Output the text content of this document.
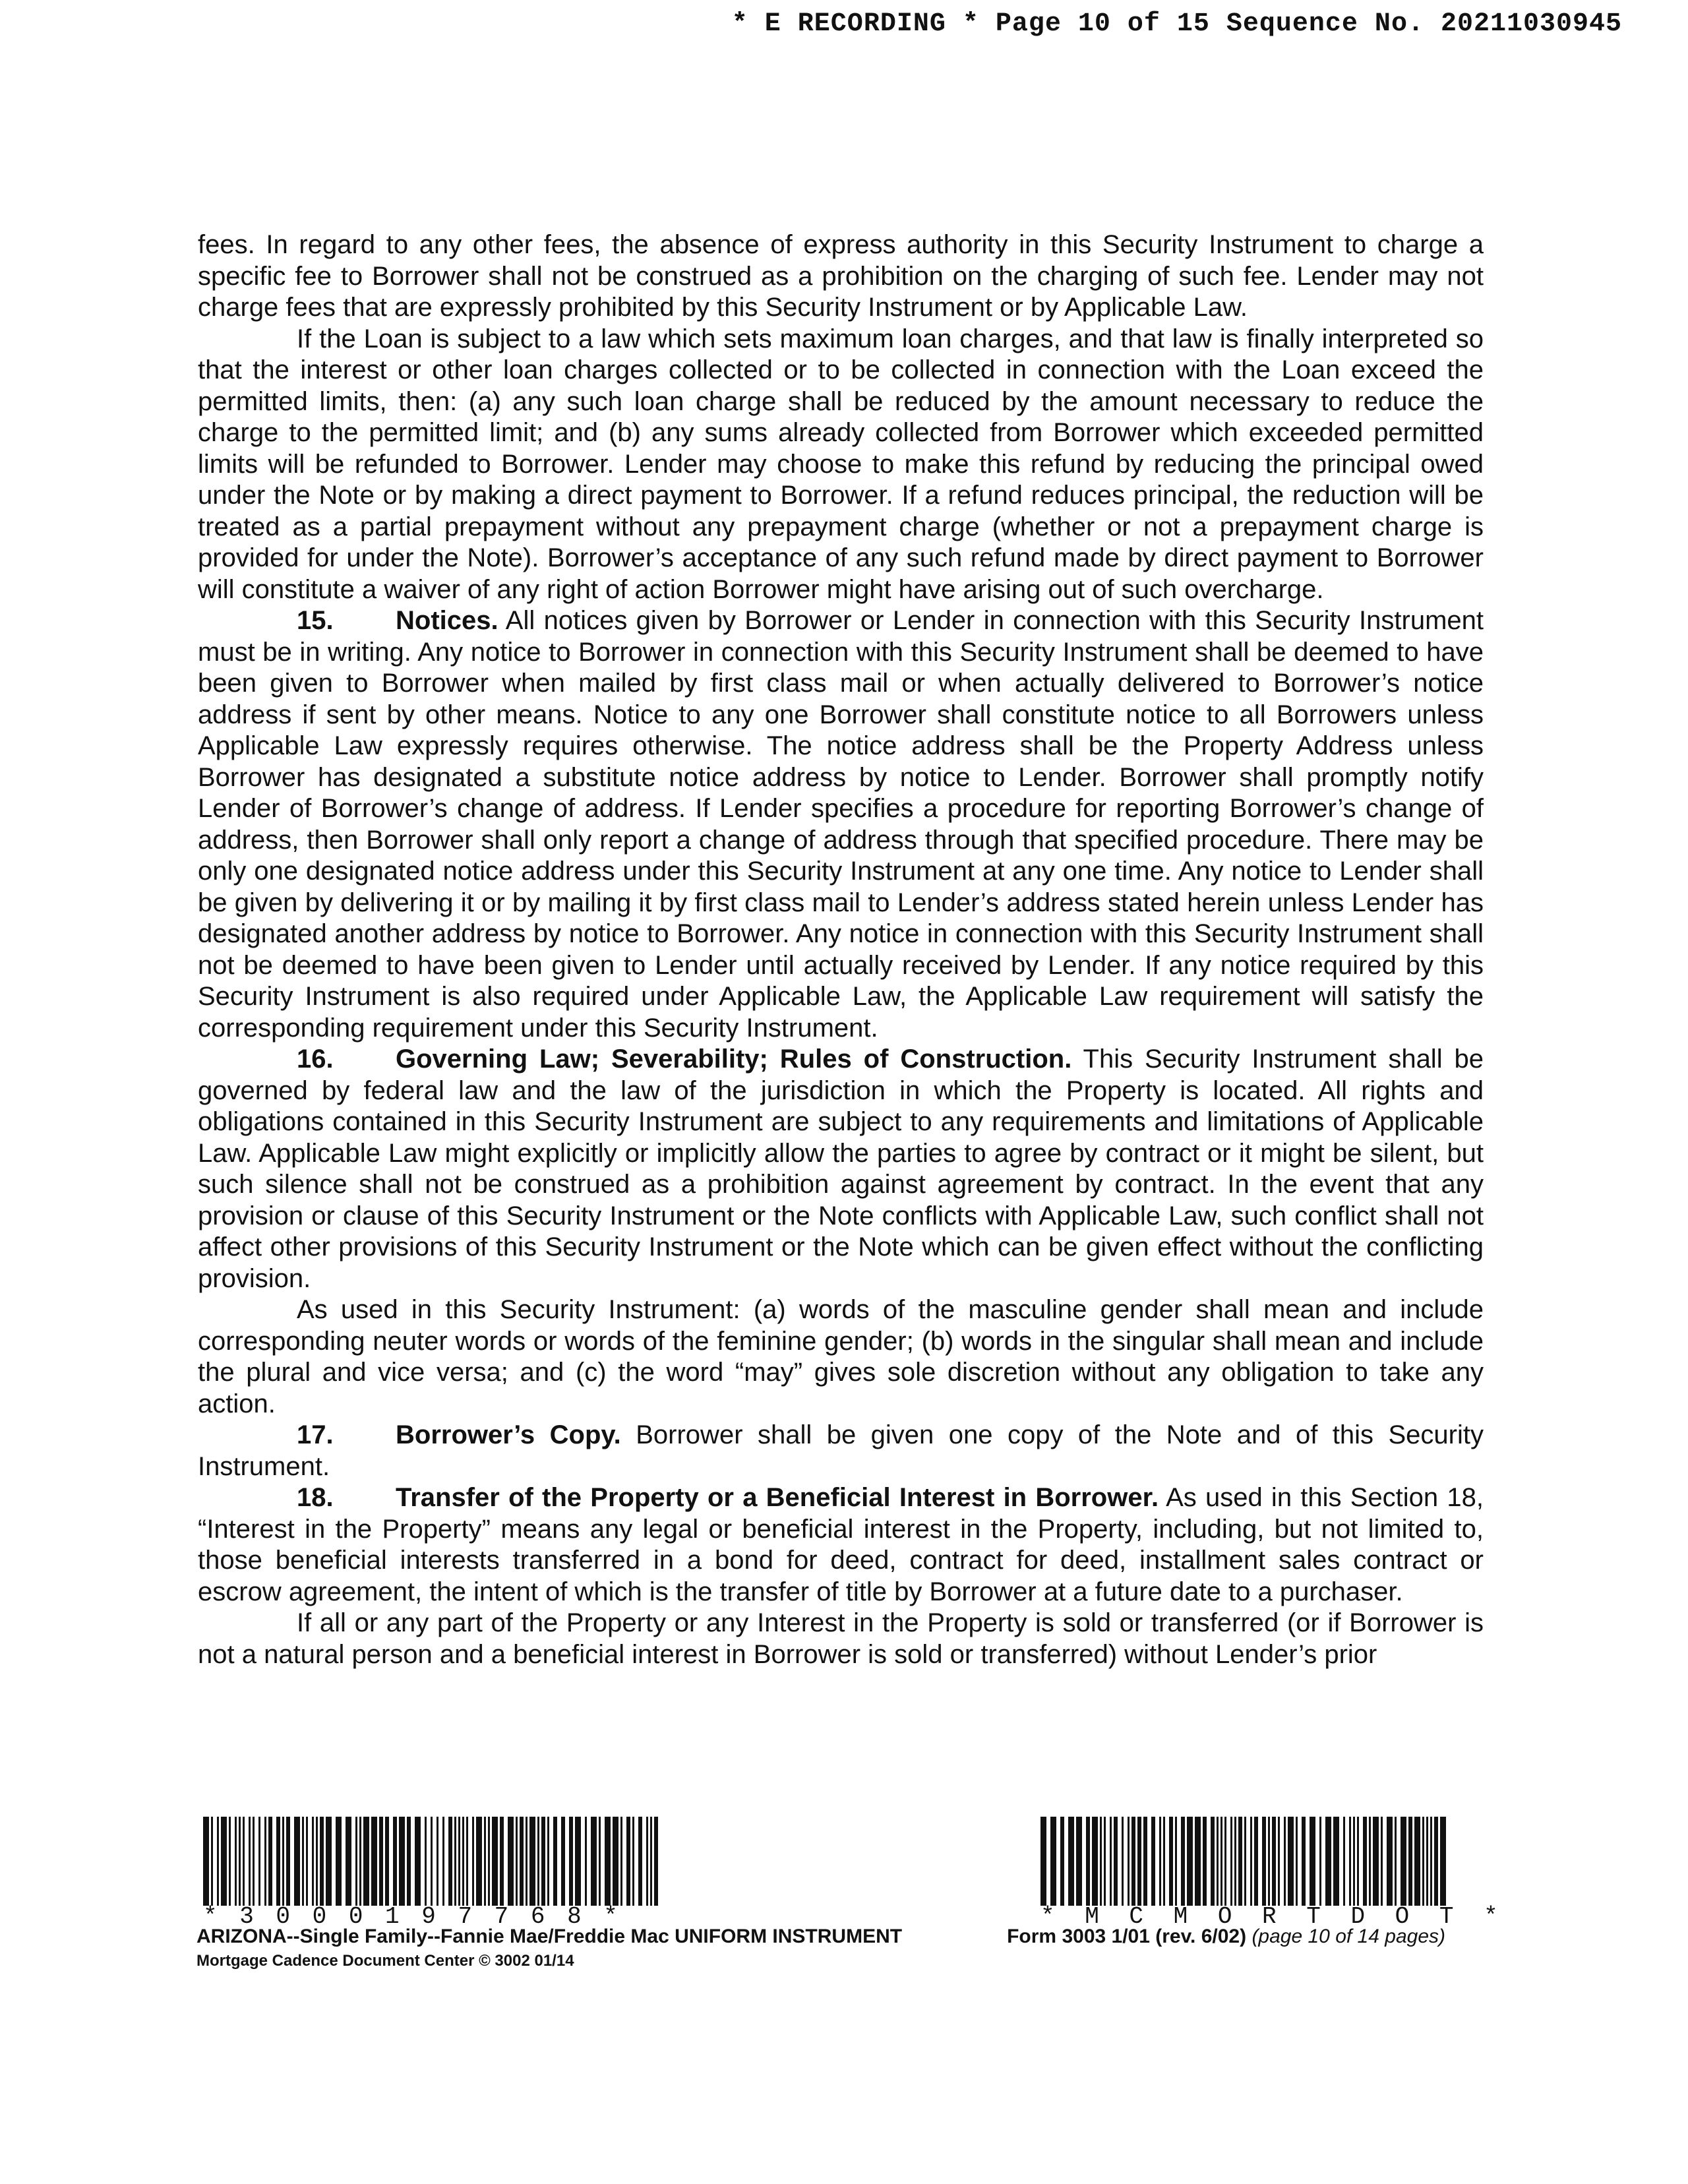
* E RECORDING * Page 10 of 15 Sequence No. 20211030945

fees. In regard to any other fees, the absence of express authority in this Security Instrument to charge a specific fee to Borrower shall not be construed as a prohibition on the charging of such fee. Lender may not charge fees that are expressly prohibited by this Security Instrument or by Applicable Law.

If the Loan is subject to a law which sets maximum loan charges, and that law is finally interpreted so that the interest or other loan charges collected or to be collected in connection with the Loan exceed the permitted limits, then: (a) any such loan charge shall be reduced by the amount necessary to reduce the charge to the permitted limit; and (b) any sums already collected from Borrower which exceeded permitted limits will be refunded to Borrower. Lender may choose to make this refund by reducing the principal owed under the Note or by making a direct payment to Borrower. If a refund reduces principal, the reduction will be treated as a partial prepayment without any prepayment charge (whether or not a prepayment charge is provided for under the Note). Borrower’s acceptance of any such refund made by direct payment to Borrower will constitute a waiver of any right of action Borrower might have arising out of such overcharge.

15. Notices. All notices given by Borrower or Lender in connection with this Security Instrument must be in writing. Any notice to Borrower in connection with this Security Instrument shall be deemed to have been given to Borrower when mailed by first class mail or when actually delivered to Borrower’s notice address if sent by other means. Notice to any one Borrower shall constitute notice to all Borrowers unless Applicable Law expressly requires otherwise. The notice address shall be the Property Address unless Borrower has designated a substitute notice address by notice to Lender. Borrower shall promptly notify Lender of Borrower’s change of address. If Lender specifies a procedure for reporting Borrower’s change of address, then Borrower shall only report a change of address through that specified procedure. There may be only one designated notice address under this Security Instrument at any one time. Any notice to Lender shall be given by delivering it or by mailing it by first class mail to Lender’s address stated herein unless Lender has designated another address by notice to Borrower. Any notice in connection with this Security Instrument shall not be deemed to have been given to Lender until actually received by Lender. If any notice required by this Security Instrument is also required under Applicable Law, the Applicable Law requirement will satisfy the corresponding requirement under this Security Instrument.

16. Governing Law; Severability; Rules of Construction. This Security Instrument shall be governed by federal law and the law of the jurisdiction in which the Property is located. All rights and obligations contained in this Security Instrument are subject to any requirements and limitations of Applicable Law. Applicable Law might explicitly or implicitly allow the parties to agree by contract or it might be silent, but such silence shall not be construed as a prohibition against agreement by contract. In the event that any provision or clause of this Security Instrument or the Note conflicts with Applicable Law, such conflict shall not affect other provisions of this Security Instrument or the Note which can be given effect without the conflicting provision.

As used in this Security Instrument: (a) words of the masculine gender shall mean and include corresponding neuter words or words of the feminine gender; (b) words in the singular shall mean and include the plural and vice versa; and (c) the word “may” gives sole discretion without any obligation to take any action.

17. Borrower’s Copy. Borrower shall be given one copy of the Note and of this Security Instrument.

18. Transfer of the Property or a Beneficial Interest in Borrower. As used in this Section 18, “Interest in the Property” means any legal or beneficial interest in the Property, including, but not limited to, those beneficial interests transferred in a bond for deed, contract for deed, installment sales contract or escrow agreement, the intent of which is the transfer of title by Borrower at a future date to a purchaser.

If all or any part of the Property or any Interest in the Property is sold or transferred (or if Borrower is not a natural person and a beneficial interest in Borrower is sold or transferred) without Lender’s prior

* 3 0 0 0 1 9 7 7 6 8 *	* M C M O R T D O T *
ARIZONA--Single Family--Fannie Mae/Freddie Mac UNIFORM INSTRUMENT
Mortgage Cadence Document Center © 3002 01/14
Form 3003 1/01 (rev. 6/02) (page 10 of 14 pages)
